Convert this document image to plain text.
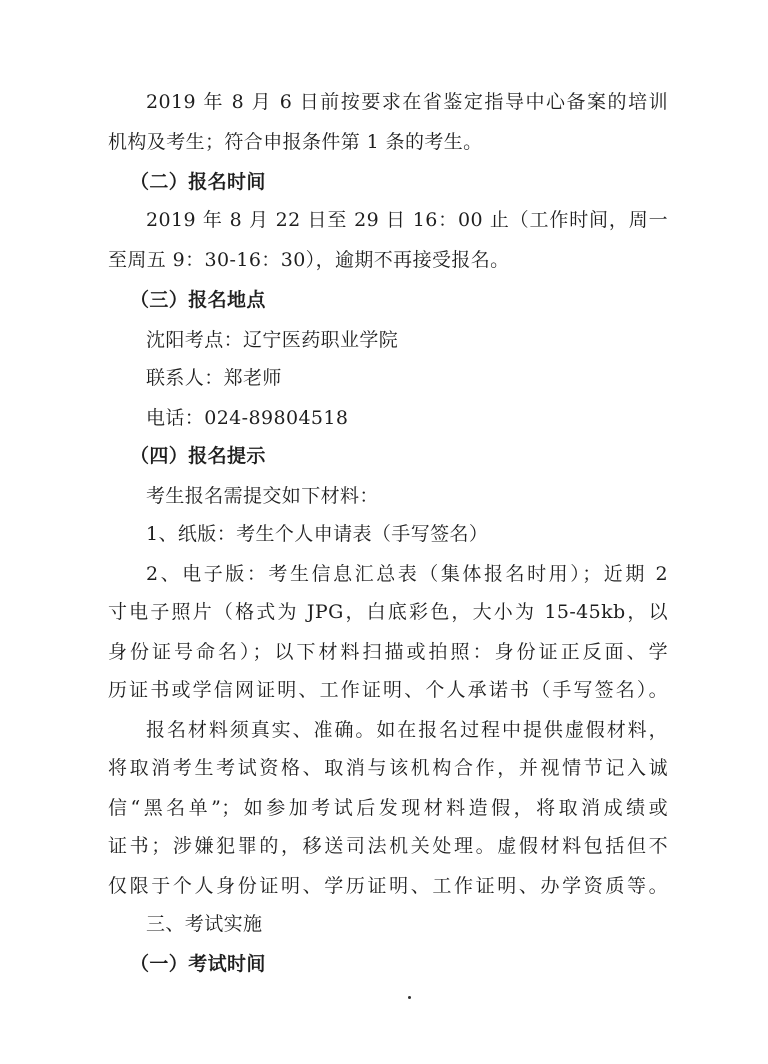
2019 年 8 月 6 日前按要求在省鉴定指导中心备案的培训
机构及考生；符合申报条件第 1 条的考生。
（二）报名时间
2019 年 8 月 22 日至 29 日 16：00 止（工作时间，周一
至周五 9：30-16：30），逾期不再接受报名。
（三）报名地点
沈阳考点：辽宁医药职业学院
联系人：郑老师
电话：024-89804518
（四）报名提示
考生报名需提交如下材料：
1、纸版：考生个人申请表（手写签名）
2、电子版：考生信息汇总表（集体报名时用）；近期 2
寸电子照片（格式为 JPG，白底彩色，大小为 15-45kb，以
身份证号命名）；以下材料扫描或拍照：身份证正反面、学
历证书或学信网证明、工作证明、个人承诺书（手写签名）。
报名材料须真实、准确。如在报名过程中提供虚假材料，
将取消考生考试资格、取消与该机构合作，并视情节记入诚
信“黑名单”；如参加考试后发现材料造假，将取消成绩或
证书；涉嫌犯罪的，移送司法机关处理。虚假材料包括但不
仅限于个人身份证明、学历证明、工作证明、办学资质等。
三、考试实施
（一）考试时间
